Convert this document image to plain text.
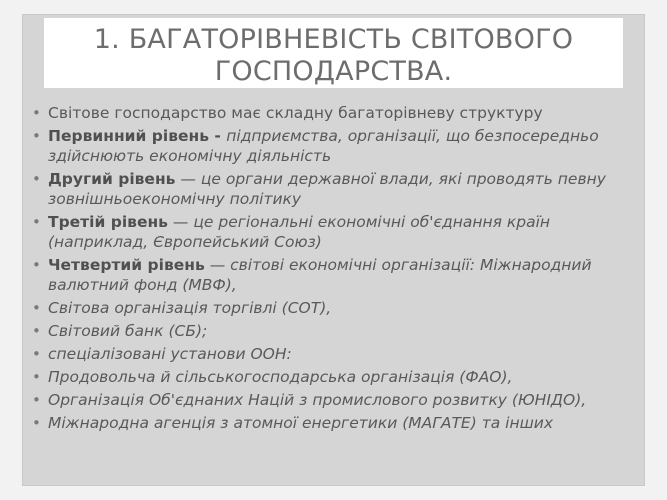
1. БАГАТОРІВНЕВІСТЬ СВІТОВОГО
ГОСПОДАРСТВА.
• Світове господарство має складну багаторівневу структуру
• Первинний рівень - підприємства, організації, що безпосередньо здійснюють економічну діяльність
• Другий рівень — це органи державної влади, які проводять певну зовнішньоекономічну політику
• Третій рівень — це регіональні економічні об'єднання країн (наприклад, Європейський Союз)
• Четвертий рівень — світові економічні організації: Міжнародний валютний фонд (МВФ),
• Світова організація торгівлі (СОТ),
• Світовий банк (СБ);
• спеціалізовані установи ООН:
• Продовольча й сільськогосподарська організація (ФАО),
• Організація Об'єднаних Націй з промислового розвитку (ЮНІДО),
• Міжнародна агенція з атомної енергетики (МАГАТЕ) та інших
